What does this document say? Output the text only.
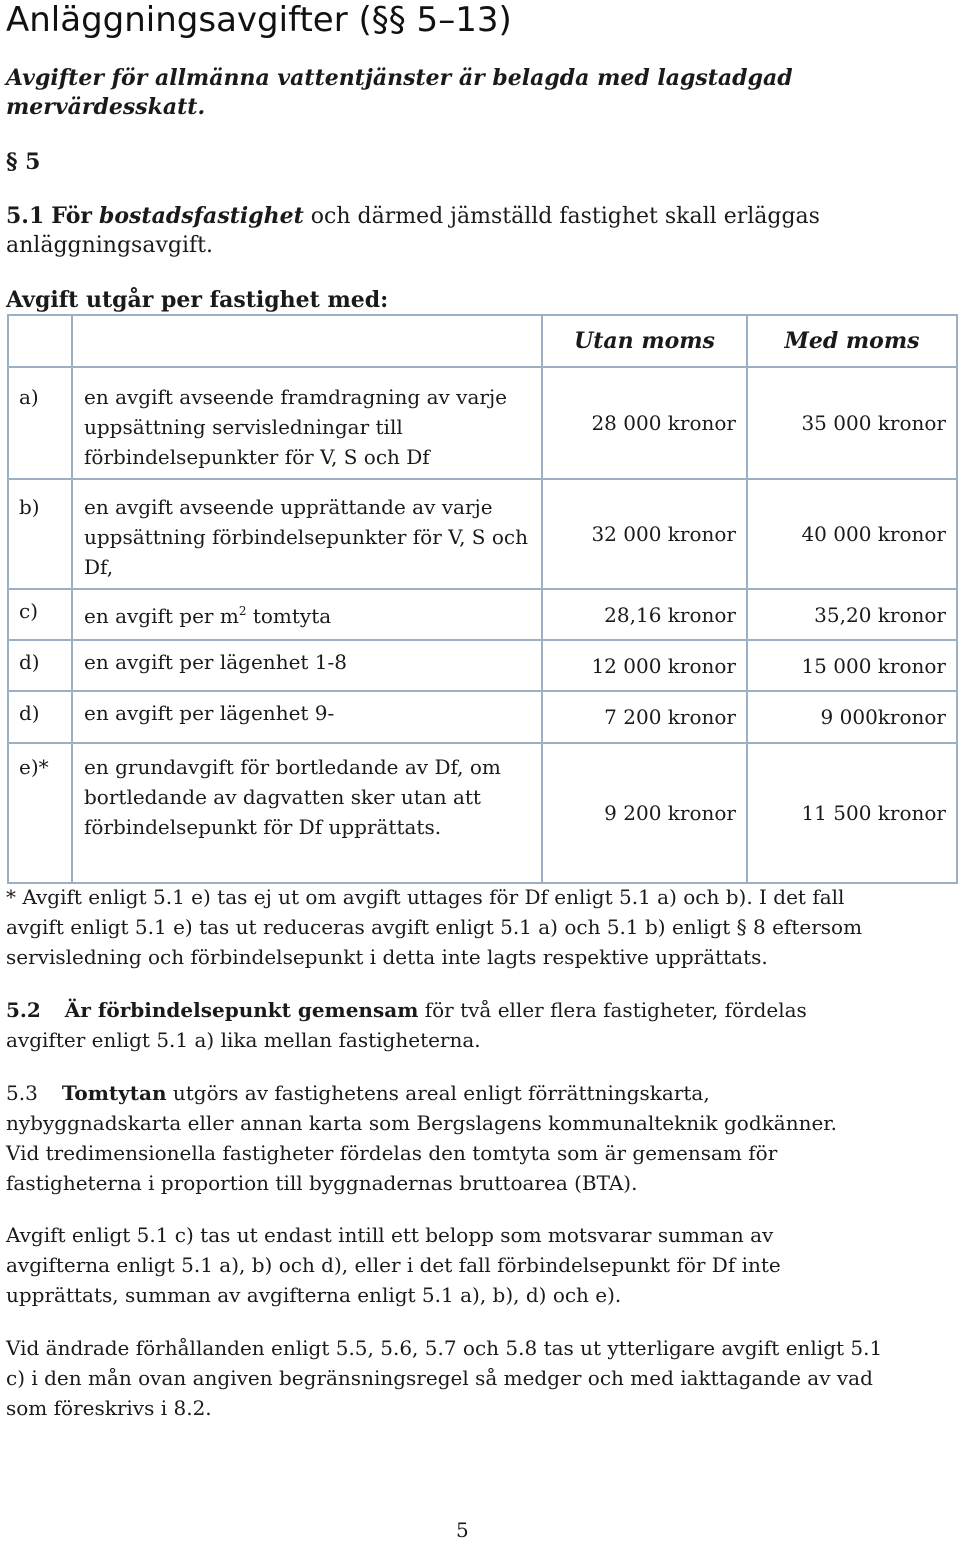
Anläggningsavgifter (§§ 5–13)
Avgifter för allmänna vattentjänster är belagda med lagstadgad
mervärdesskatt.
§ 5
5.1 För bostadsfastighet och därmed jämställd fastighet skall erläggas
anläggningsavgift.
Avgift utgår per fastighet med:
		Utan moms	Med moms
a)	en avgift avseende framdragning av varje uppsättning servisledningar till förbindelsepunkter för V, S och Df	28 000 kronor	35 000 kronor
b)	en avgift avseende upprättande av varje uppsättning förbindelsepunkter för V, S och Df,	32 000 kronor	40 000 kronor
c)	en avgift per $m^2$ tomtyta	28,16 kronor	35,20 kronor
d)	en avgift per lägenhet 1-8	12 000 kronor	15 000 kronor
d)	en avgift per lägenhet 9-	7 200 kronor	9 000kronor
e)*	en grundavgift för bortledande av Df, om bortledande av dagvatten sker utan att förbindelsepunkt för Df upprättats.	9 200 kronor	11 500 kronor
* Avgift enligt 5.1 e) tas ej ut om avgift uttages för Df enligt 5.1 a) och b). I det fall
avgift enligt 5.1 e) tas ut reduceras avgift enligt 5.1 a) och 5.1 b) enligt § 8 eftersom
servisledning och förbindelsepunkt i detta inte lagts respektive upprättats.
5.2 Är förbindelsepunkt gemensam för två eller flera fastigheter, fördelas
avgifter enligt 5.1 a) lika mellan fastigheterna.
5.3 Tomtytan utgörs av fastighetens areal enligt förrättningskarta,
nybyggnadskarta eller annan karta som Bergslagens kommunalteknik godkänner.
Vid tredimensionella fastigheter fördelas den tomtyta som är gemensam för
fastigheterna i proportion till byggnadernas bruttoarea (BTA).
Avgift enligt 5.1 c) tas ut endast intill ett belopp som motsvarar summan av
avgifterna enligt 5.1 a), b) och d), eller i det fall förbindelsepunkt för Df inte
upprättats, summan av avgifterna enligt 5.1 a), b), d) och e).
Vid ändrade förhållanden enligt 5.5, 5.6, 5.7 och 5.8 tas ut ytterligare avgift enligt 5.1
c) i den mån ovan angiven begränsningsregel så medger och med iakttagande av vad
som föreskrivs i 8.2.
5
